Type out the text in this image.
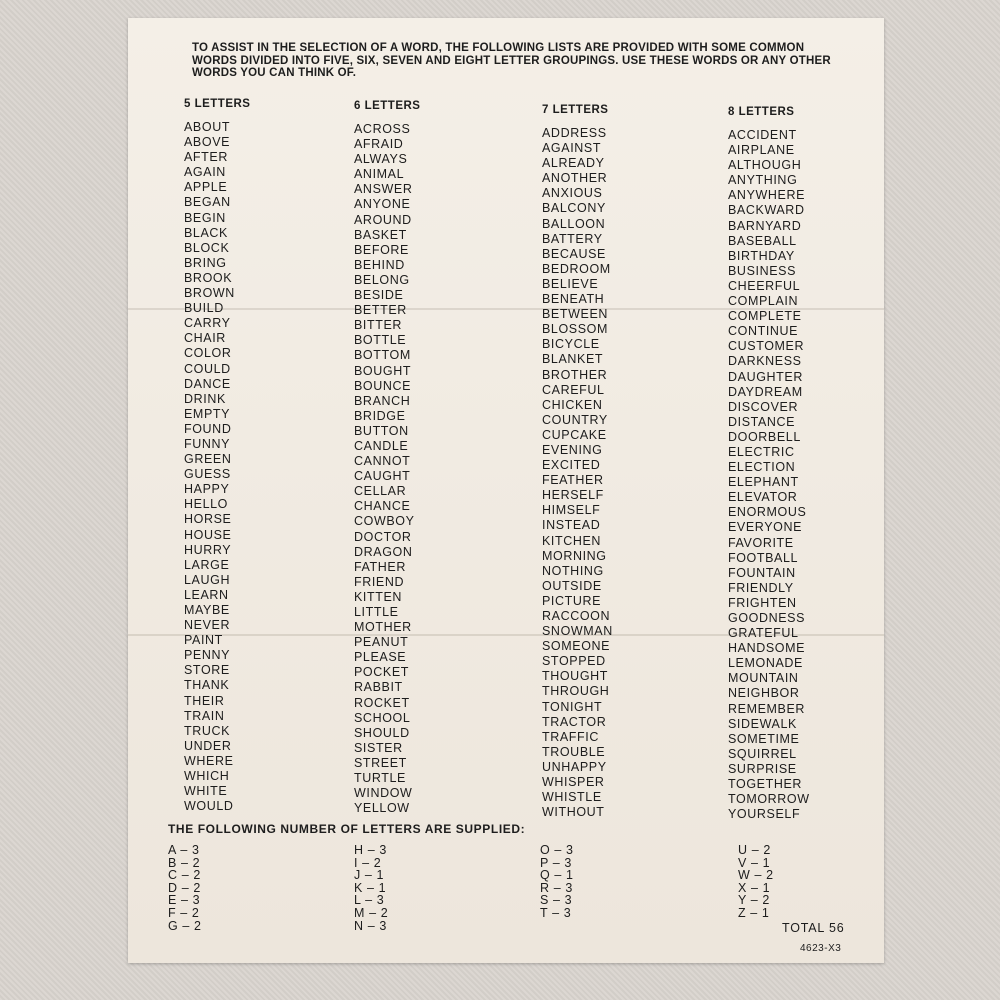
TO ASSIST IN THE SELECTION OF A WORD, THE FOLLOWING LISTS ARE PROVIDED WITH SOME COMMON WORDS DIVIDED INTO FIVE, SIX, SEVEN AND EIGHT LETTER GROUPINGS. USE THESE WORDS OR ANY OTHER WORDS YOU CAN THINK OF.
5 LETTERS
ABOUT
ABOVE
AFTER
AGAIN
APPLE
BEGAN
BEGIN
BLACK
BLOCK
BRING
BROOK
BROWN
BUILD
CARRY
CHAIR
COLOR
COULD
DANCE
DRINK
EMPTY
FOUND
FUNNY
GREEN
GUESS
HAPPY
HELLO
HORSE
HOUSE
HURRY
LARGE
LAUGH
LEARN
MAYBE
NEVER
PAINT
PENNY
STORE
THANK
THEIR
TRAIN
TRUCK
UNDER
WHERE
WHICH
WHITE
WOULD
6 LETTERS
ACROSS
AFRAID
ALWAYS
ANIMAL
ANSWER
ANYONE
AROUND
BASKET
BEFORE
BEHIND
BELONG
BESIDE
BETTER
BITTER
BOTTLE
BOTTOM
BOUGHT
BOUNCE
BRANCH
BRIDGE
BUTTON
CANDLE
CANNOT
CAUGHT
CELLAR
CHANCE
COWBOY
DOCTOR
DRAGON
FATHER
FRIEND
KITTEN
LITTLE
MOTHER
PEANUT
PLEASE
POCKET
RABBIT
ROCKET
SCHOOL
SHOULD
SISTER
STREET
TURTLE
WINDOW
YELLOW
7 LETTERS
ADDRESS
AGAINST
ALREADY
ANOTHER
ANXIOUS
BALCONY
BALLOON
BATTERY
BECAUSE
BEDROOM
BELIEVE
BENEATH
BETWEEN
BLOSSOM
BICYCLE
BLANKET
BROTHER
CAREFUL
CHICKEN
COUNTRY
CUPCAKE
EVENING
EXCITED
FEATHER
HERSELF
HIMSELF
INSTEAD
KITCHEN
MORNING
NOTHING
OUTSIDE
PICTURE
RACCOON
SNOWMAN
SOMEONE
STOPPED
THOUGHT
THROUGH
TONIGHT
TRACTOR
TRAFFIC
TROUBLE
UNHAPPY
WHISPER
WHISTLE
WITHOUT
8 LETTERS
ACCIDENT
AIRPLANE
ALTHOUGH
ANYTHING
ANYWHERE
BACKWARD
BARNYARD
BASEBALL
BIRTHDAY
BUSINESS
CHEERFUL
COMPLAIN
COMPLETE
CONTINUE
CUSTOMER
DARKNESS
DAUGHTER
DAYDREAM
DISCOVER
DISTANCE
DOORBELL
ELECTRIC
ELECTION
ELEPHANT
ELEVATOR
ENORMOUS
EVERYONE
FAVORITE
FOOTBALL
FOUNTAIN
FRIENDLY
FRIGHTEN
GOODNESS
GRATEFUL
HANDSOME
LEMONADE
MOUNTAIN
NEIGHBOR
REMEMBER
SIDEWALK
SOMETIME
SQUIRREL
SURPRISE
TOGETHER
TOMORROW
YOURSELF
THE FOLLOWING NUMBER OF LETTERS ARE SUPPLIED:
A – 3
B – 2
C – 2
D – 2
E – 3
F – 2
G – 2
H – 3
I – 2
J – 1
K – 1
L – 3
M – 2
N – 3
O – 3
P – 3
Q – 1
R – 3
S – 3
T – 3
U – 2
V – 1
W – 2
X – 1
Y – 2
Z – 1
TOTAL 56
4623-X3
